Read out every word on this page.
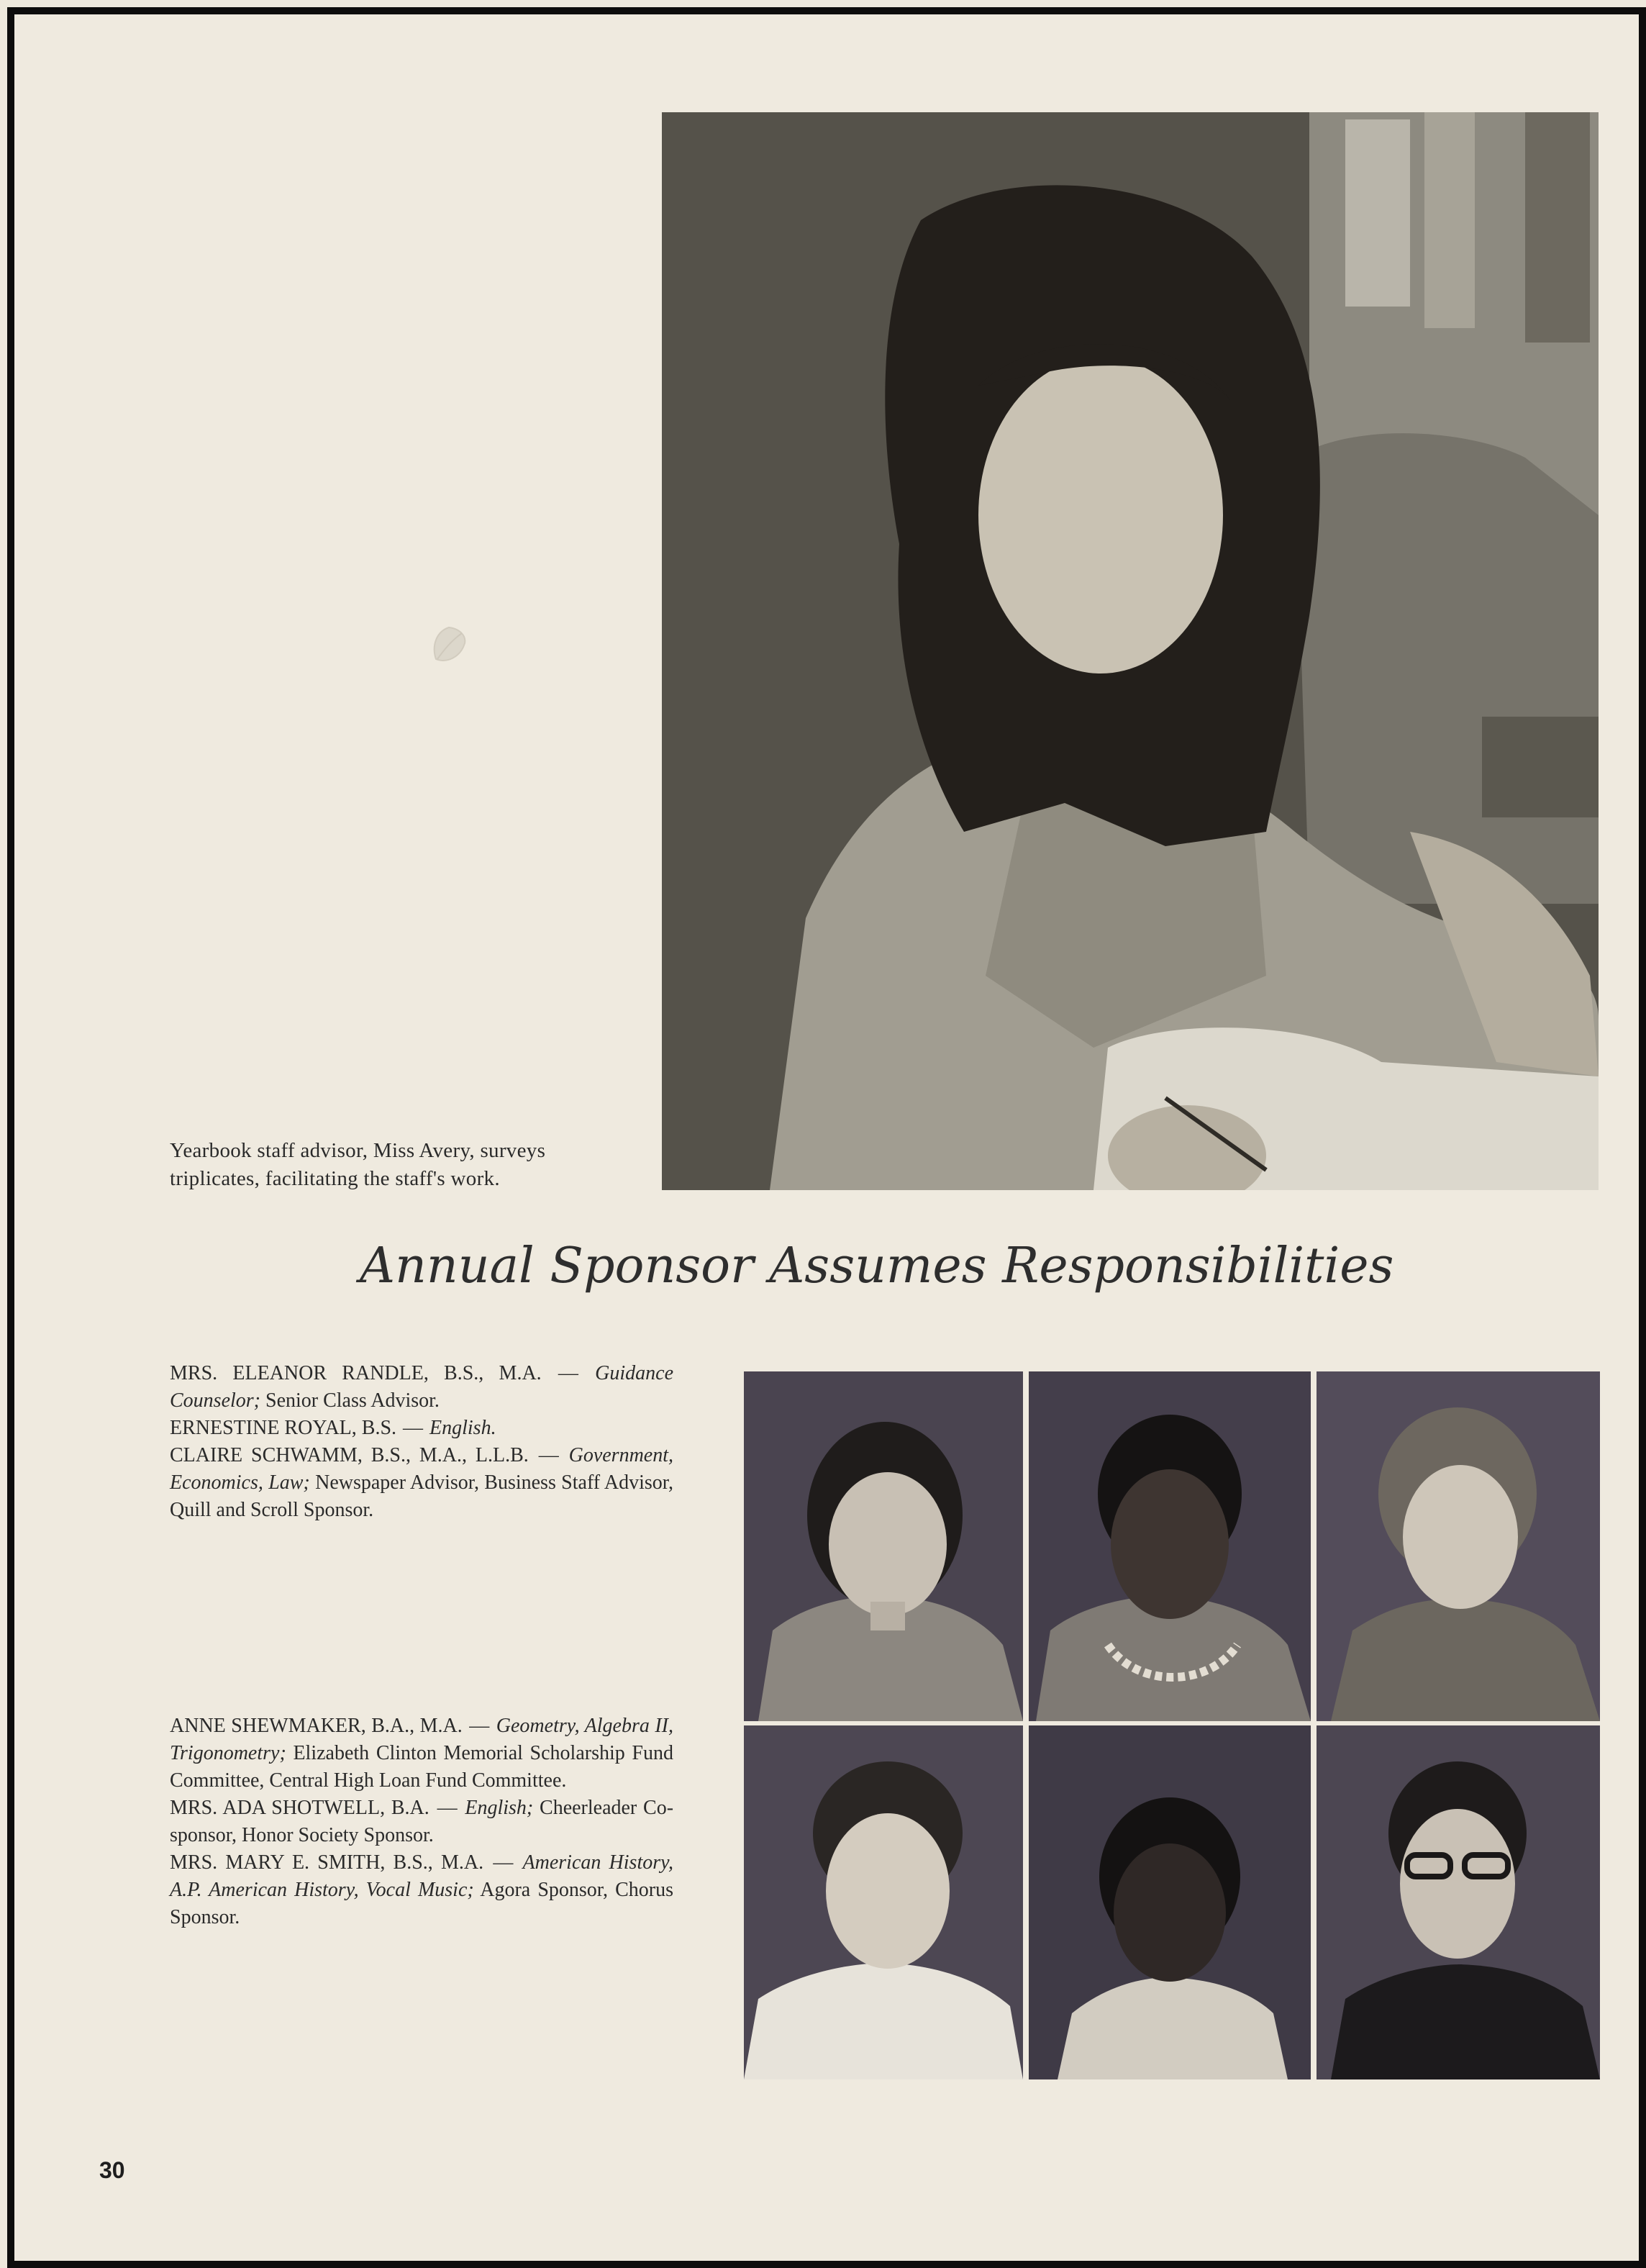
Yearbook staff advisor, Miss Avery, surveys triplicates, facilitating the staff's work.
Annual Sponsor Assumes Responsibilities

MRS. ELEANOR RANDLE, B.S., M.A. — Guidance Counselor; Senior Class Advisor.

ERNESTINE ROYAL, B.S. — English.

CLAIRE SCHWAMM, B.S., M.A., L.L.B. — Government, Economics, Law; Newspaper Advisor, Business Staff Advisor, Quill and Scroll Sponsor.

ANNE SHEWMAKER, B.A., M.A. — Geometry, Algebra II, Trigonometry; Elizabeth Clinton Memorial Scholarship Fund Committee, Central High Loan Fund Committee.

MRS. ADA SHOTWELL, B.A. — English; Cheerleader Co-sponsor, Honor Society Sponsor.

MRS. MARY E. SMITH, B.S., M.A. — American History, A.P. American History, Vocal Music; Agora Sponsor, Chorus Sponsor.

30
